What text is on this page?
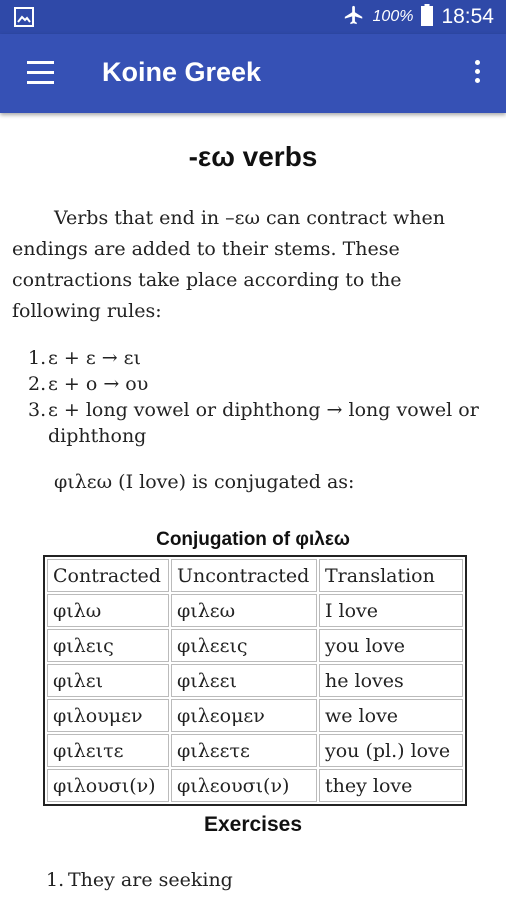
100% 18:54
Koine Greek
-εω verbs

Verbs that end in –εω can contract when endings are added to their stems. These contractions take place according to the following rules:

1. ε + ε → ει
2. ε + ο → ου
3. ε + long vowel or diphthong → long vowel or diphthong
φιλεω (I love) is conjugated as:
Conjugation of φιλεω
Contracted	Uncontracted	Translation
φιλω	φιλεω	I love
φιλεις	φιλεεις	you love
φιλει	φιλεει	he loves
φιλουμεν	φιλεομεν	we love
φιλειτε	φιλεετε	you (pl.) love
φιλουσι(ν)	φιλεουσι(ν)	they love
Exercises
1. They are seeking
